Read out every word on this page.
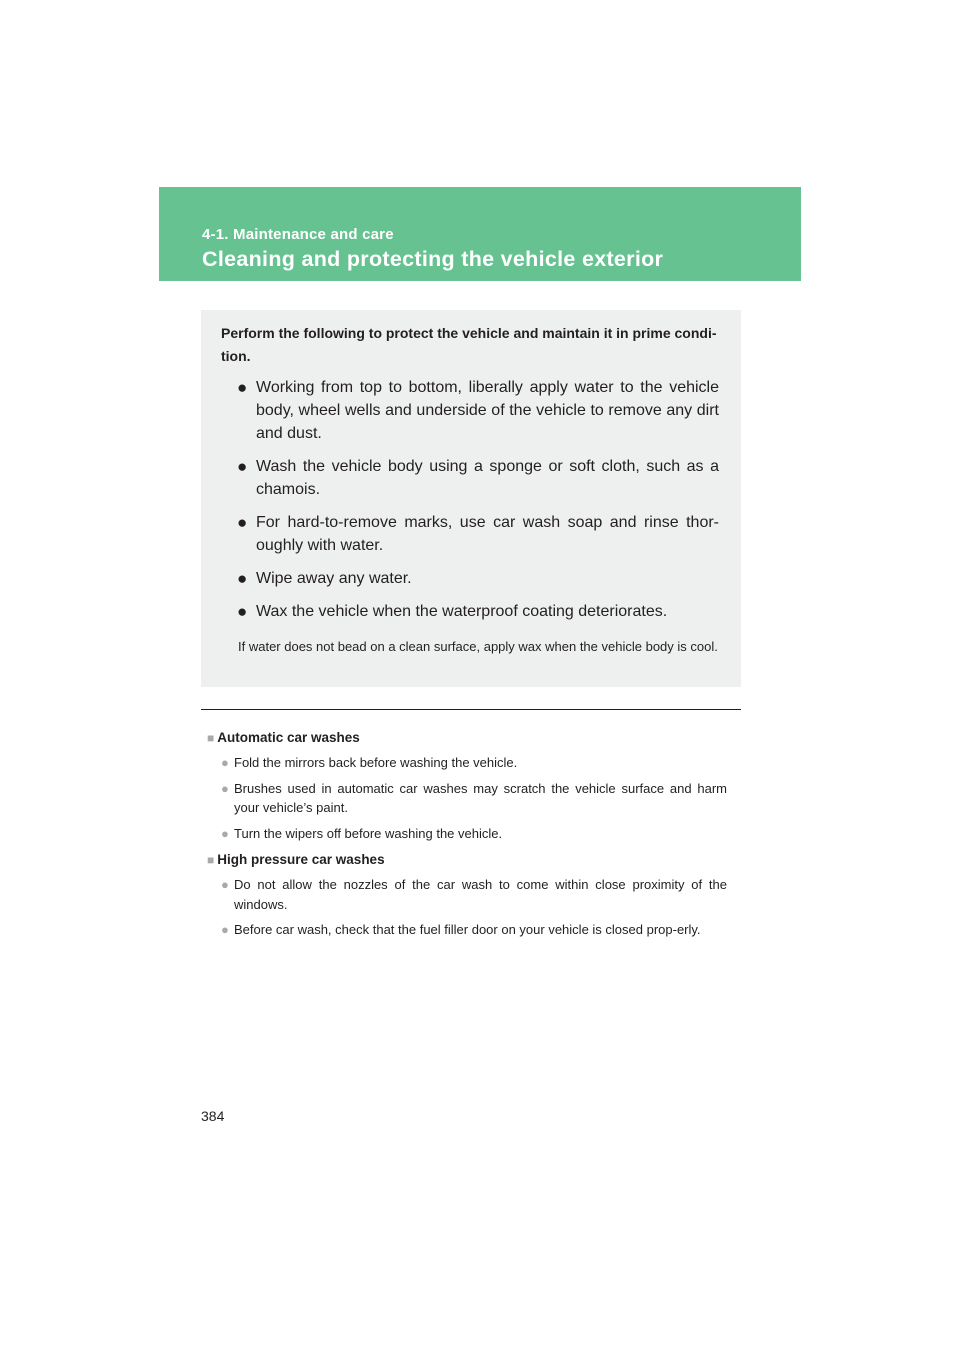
4-1. Maintenance and care
Cleaning and protecting the vehicle exterior

Perform the following to protect the vehicle and maintain it in prime condi-tion.

● Working from top to bottom, liberally apply water to the vehicle body, wheel wells and underside of the vehicle to remove any dirt and dust.
● Wash the vehicle body using a sponge or soft cloth, such as a chamois.
● For hard-to-remove marks, use car wash soap and rinse thor-oughly with water.
● Wipe away any water.
● Wax the vehicle when the waterproof coating deteriorates.

If water does not bead on a clean surface, apply wax when the vehicle body is cool.

■ Automatic car washes
● Fold the mirrors back before washing the vehicle.
● Brushes used in automatic car washes may scratch the vehicle surface and harm your vehicle’s paint.
● Turn the wipers off before washing the vehicle.
■ High pressure car washes
● Do not allow the nozzles of the car wash to come within close proximity of the windows.
● Before car wash, check that the fuel filler door on your vehicle is closed prop-erly.
384
